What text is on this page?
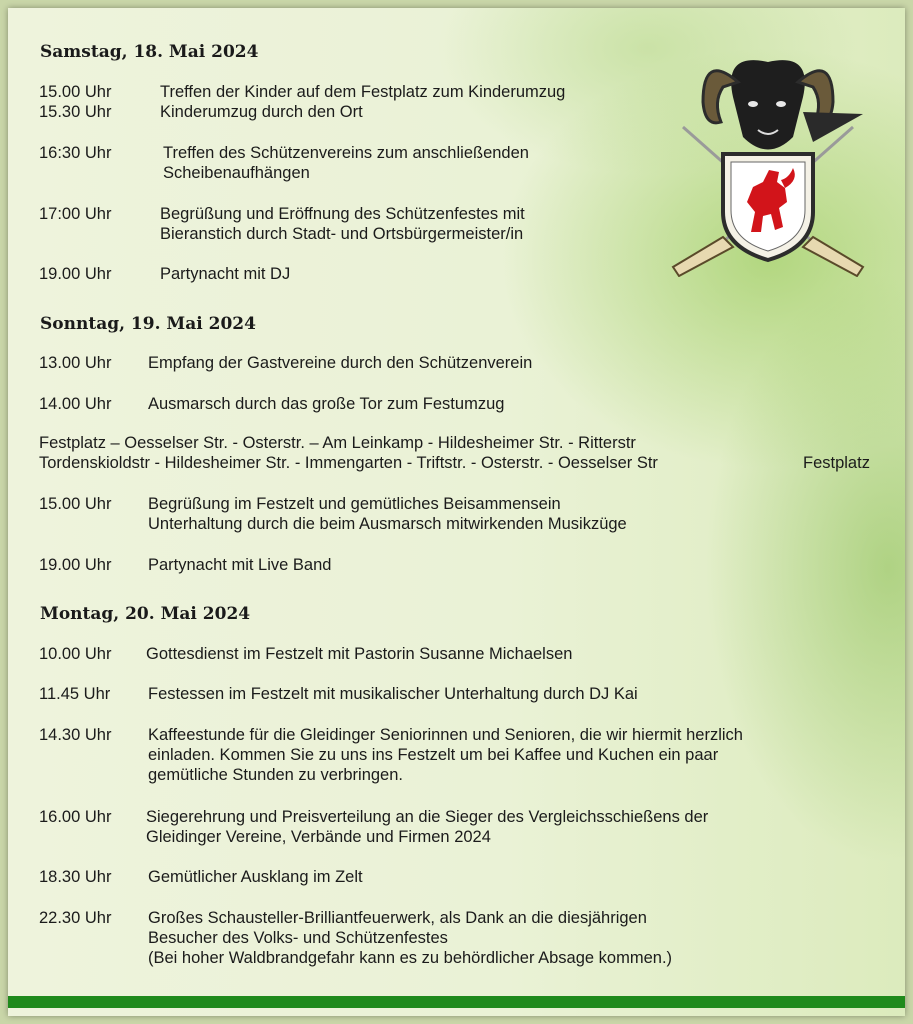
Samstag, 18. Mai 2024
15.00 Uhr	Treffen der Kinder auf dem Festplatz zum Kinderumzug
15.30 Uhr	Kinderumzug durch den Ort
16:30 Uhr	Treffen des Schützenvereins zum anschließenden
Scheibenaufhängen
17:00 Uhr	Begrüßung und Eröffnung des Schützenfestes mit
Bieranstich durch Stadt- und Ortsbürgermeister/in
19.00 Uhr	Partynacht mit DJ
Sonntag, 19. Mai 2024
13.00 Uhr Empfang der Gastvereine durch den Schützenverein
14.00 Uhr Ausmarsch durch das große Tor zum Festumzug
Festplatz – Oesselser Str. - Osterstr. – Am Leinkamp - Hildesheimer Str. - Ritterstr
Tordenskioldstr - Hildesheimer Str. - Immengarten - Triftstr. - Osterstr. - Oesselser Str	Festplatz
15.00 Uhr Begrüßung im Festzelt und gemütliches Beisammensein
Unterhaltung durch die beim Ausmarsch mitwirkenden Musikzüge
19.00 Uhr Partynacht mit Live Band
Montag, 20. Mai 2024
10.00 Uhr Gottesdienst im Festzelt mit Pastorin Susanne Michaelsen
11.45 Uhr Festessen im Festzelt mit musikalischer Unterhaltung durch DJ Kai
14.30 Uhr Kaffeestunde für die Gleidinger Seniorinnen und Senioren, die wir hiermit herzlich
einladen. Kommen Sie zu uns ins Festzelt um bei Kaffee und Kuchen ein paar
gemütliche Stunden zu verbringen.
16.00 Uhr Siegerehrung und Preisverteilung an die Sieger des Vergleichsschießens der
Gleidinger Vereine, Verbände und Firmen 2024
18.30 Uhr Gemütlicher Ausklang im Zelt
22.30 Uhr Großes Schausteller-Brilliantfeuerwerk, als Dank an die diesjährigen
Besucher des Volks- und Schützenfestes
(Bei hoher Waldbrandgefahr kann es zu behördlicher Absage kommen.)
